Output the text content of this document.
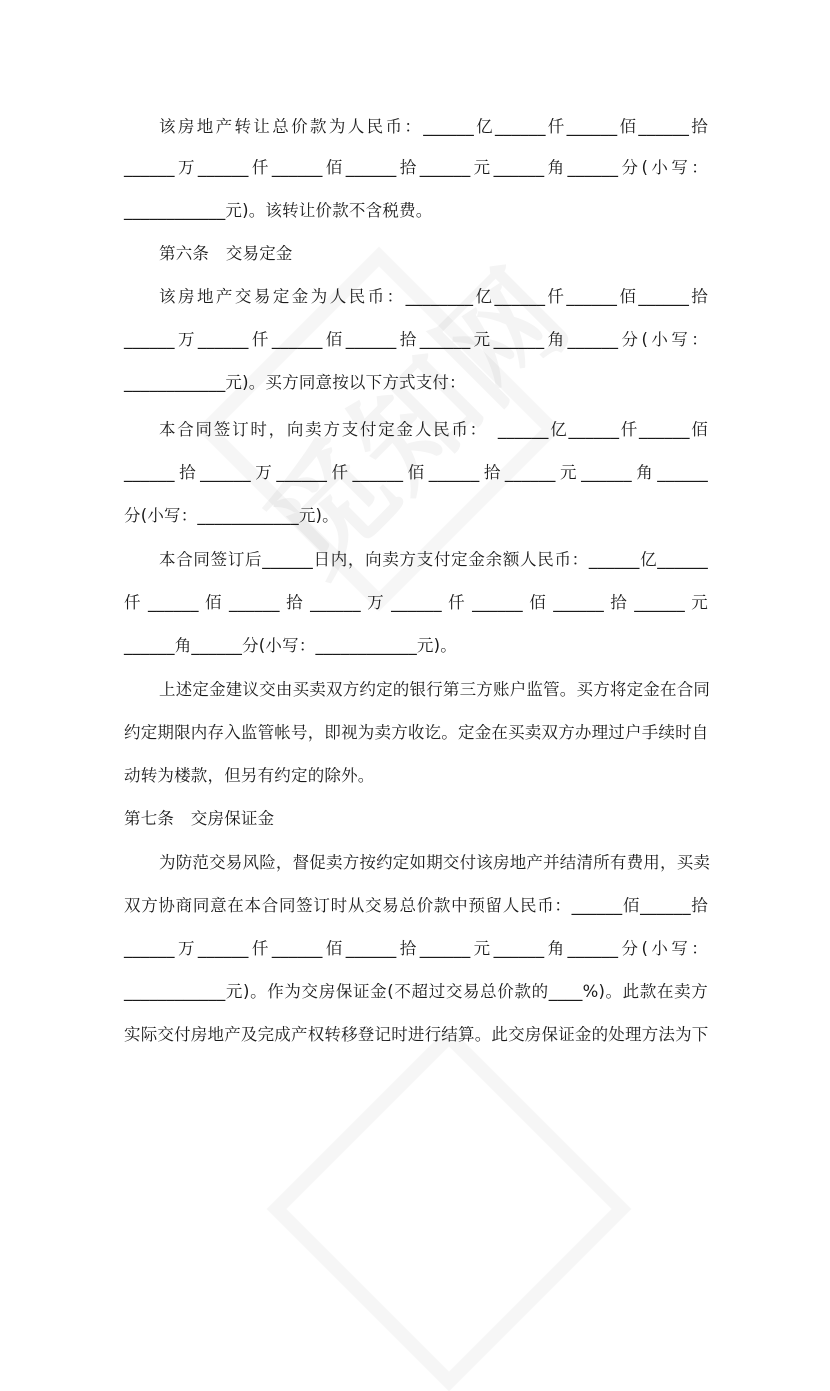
该房地产转让总价款为人民币：______亿______仟______佰______拾
______万______仟______佰______拾______元______角______分(小写：
____________元)。该转让价款不含税费。
第六条　交易定金
该房地产交易定金为人民币：________亿______仟______佰______拾
______万______仟______佰______拾______元______角______分(小写：
____________元)。买方同意按以下方式支付：
本合同签订时，向卖方支付定金人民币：　______亿______仟______佰
______拾______万______仟______佰______拾______元______角______
分(小写：____________元)。
本合同签订后______日内，向卖方支付定金余额人民币：______亿______
仟 ______ 佰 ______ 拾 ______ 万 ______ 仟 ______ 佰 ______ 拾 ______ 元
______角______分(小写：____________元)。
上述定金建议交由买卖双方约定的银行第三方账户监管。买方将定金在合同
约定期限内存入监管帐号，即视为卖方收讫。定金在买卖双方办理过户手续时自
动转为楼款，但另有约定的除外。
第七条　交房保证金
为防范交易风险，督促卖方按约定如期交付该房地产并结清所有费用，买卖
双方协商同意在本合同签订时从交易总价款中预留人民币：______佰______拾
______万______仟______佰______拾______元______角______分(小写：
____________元)。作为交房保证金(不超过交易总价款的____%)。此款在卖方
实际交付房地产及完成产权转移登记时进行结算。此交房保证金的处理方法为下
